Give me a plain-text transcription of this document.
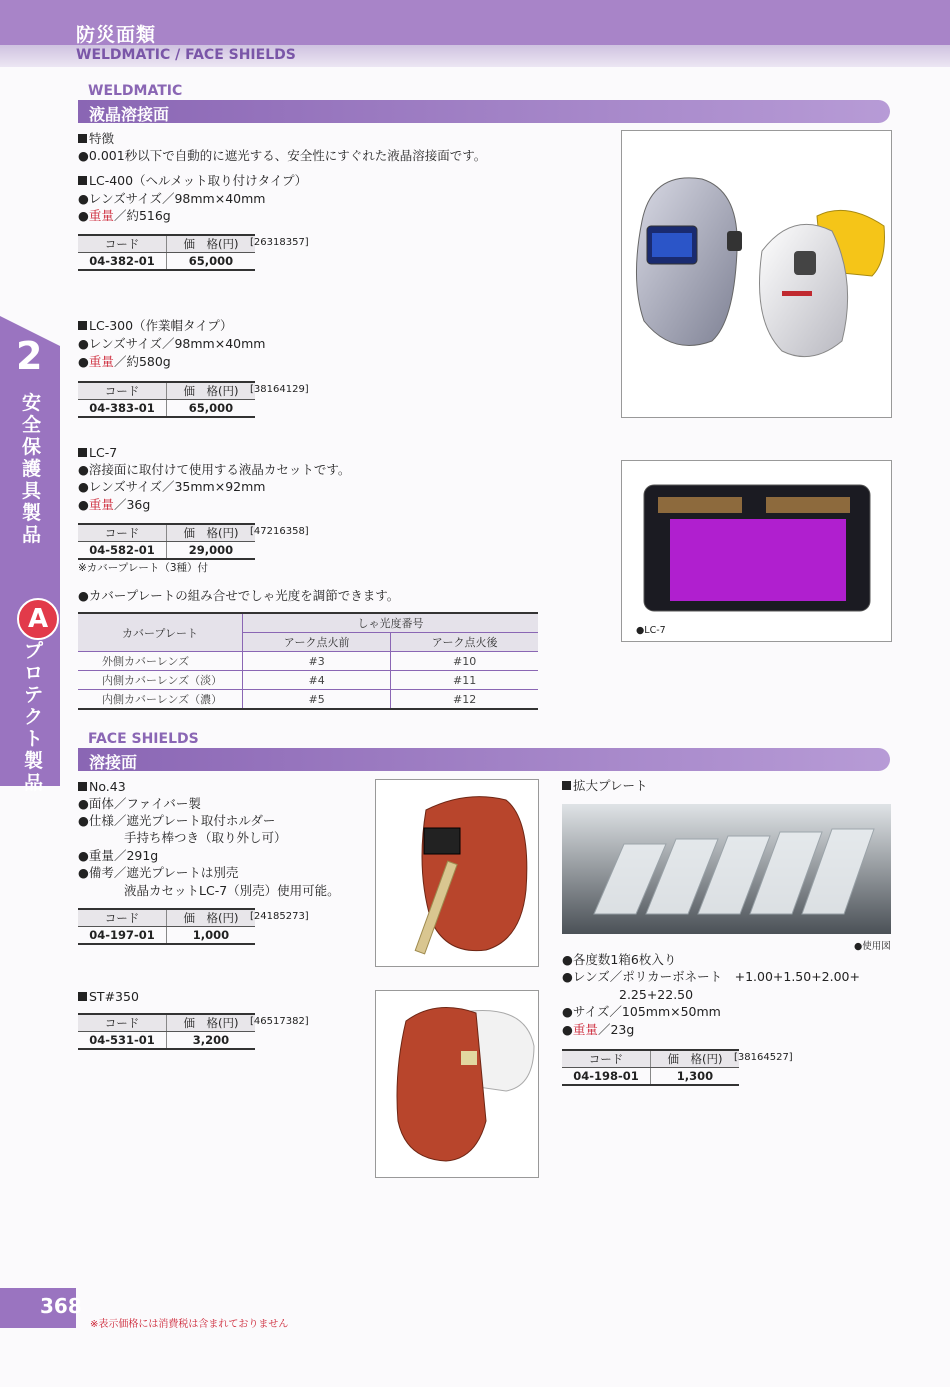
防災面類
WELDMATIC / FACE SHIELDS
2
安全保護具製品
A
プロテクト製品
WELDMATIC
液晶溶接面
特徴
●0.001秒以下で自動的に遮光する、安全性にすぐれた液晶溶接面です。
LC-400（ヘルメット取り付けタイプ）
●レンズサイズ／98mm×40mm
●重量／約516g
コード	価　格(円)
04-382-01	65,000
[26318357]
LC-300（作業帽タイプ）
●レンズサイズ／98mm×40mm
●重量／約580g
コード	価　格(円)
04-383-01	65,000
[38164129]
LC-7
●溶接面に取付けて使用する液晶カセットです。
●レンズサイズ／35mm×92mm
●重量／36g
コード	価　格(円)
04-582-01	29,000
[47216358]
※カバープレート（3種）付
●カバープレートの組み合せでしゃ光度を調節できます。
カバープレート	しゃ光度番号	
	アーク点火前	アーク点火後
外側カバーレンズ	#3	#10
内側カバーレンズ（淡）	#4	#11
内側カバーレンズ（濃）	#5	#12
●LC-7
FACE SHIELDS
溶接面
No.43
●面体／ファイバー製
●仕様／遮光プレート取付ホルダー
手持ち棒つき（取り外し可）
●重量／291g
●備考／遮光プレートは別売
液晶カセットLC-7（別売）使用可能。
コード	価　格(円)
04-197-01	1,000
[24185273]
ST#350
コード	価　格(円)
04-531-01	3,200
[46517382]
拡大プレート
●使用図
●各度数1箱6枚入り
●レンズ／ポリカーボネート　+1.00+1.50+2.00+
2.25+22.50
●サイズ／105mm×50mm
●重量／23g
コード	価　格(円)
04-198-01	1,300
[38164527]
368
※表示価格には消費税は含まれておりません
